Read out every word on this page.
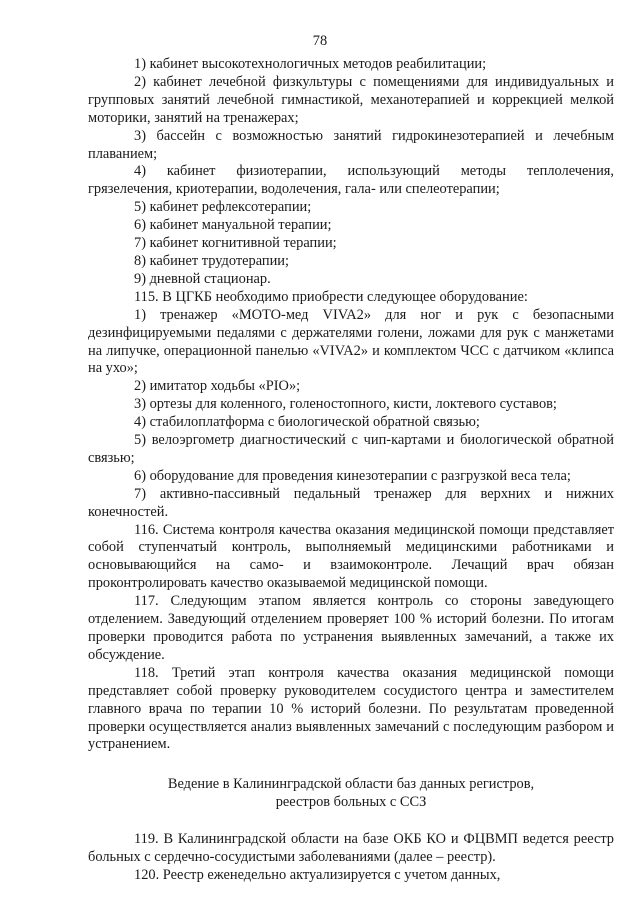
78

1) кабинет высокотехнологичных методов реабилитации;

2) кабинет лечебной физкультуры с помещениями для индивидуальных и групповых занятий лечебной гимнастикой, механотерапией и коррекцией мелкой моторики, занятий на тренажерах;

3) бассейн с возможностью занятий гидрокинезотерапией и лечебным плаванием;

4) кабинет физиотерапии, использующий методы теплолечения, грязелечения, криотерапии, водолечения, гала- или спелеотерапии;

5) кабинет рефлексотерапии;

6) кабинет мануальной терапии;

7) кабинет когнитивной терапии;

8) кабинет трудотерапии;

9) дневной стационар.

115. В ЦГКБ необходимо приобрести следующее оборудование:

1) тренажер «МОТО-мед VIVA2» для ног и рук с безопасными дезинфицируемыми педалями с держателями голени, ложами для рук с манжетами на липучке, операционной панелью «VIVA2» и комплектом ЧСС с датчиком «клипса на ухо»;

2) имитатор ходьбы «PIO»;

3) ортезы для коленного, голеностопного, кисти, локтевого суставов;

4) стабилоплатформа с биологической обратной связью;

5) велоэргометр диагностический с чип-картами и биологической обратной связью;

6) оборудование для проведения кинезотерапии с разгрузкой веса тела;

7) активно-пассивный педальный тренажер для верхних и нижних конечностей.

116. Система контроля качества оказания медицинской помощи представляет собой ступенчатый контроль, выполняемый медицинскими работниками и основывающийся на само- и взаимоконтроле. Лечащий врач обязан проконтролировать качество оказываемой медицинской помощи.

117. Следующим этапом является контроль со стороны заведующего отделением. Заведующий отделением проверяет 100 % историй болезни. По итогам проверки проводится работа по устранения выявленных замечаний, а также их обсуждение.

118. Третий этап контроля качества оказания медицинской помощи представляет собой проверку руководителем сосудистого центра и заместителем главного врача по терапии 10 % историй болезни. По результатам проведенной проверки осуществляется анализ выявленных замечаний с последующим разбором и устранением.

Ведение в Калининградской области баз данных регистров,
реестров больных с ССЗ

119. В Калининградской области на базе ОКБ КО и ФЦВМП ведется реестр больных с сердечно-сосудистыми заболеваниями (далее – реестр).

120. Реестр еженедельно актуализируется с учетом данных,
